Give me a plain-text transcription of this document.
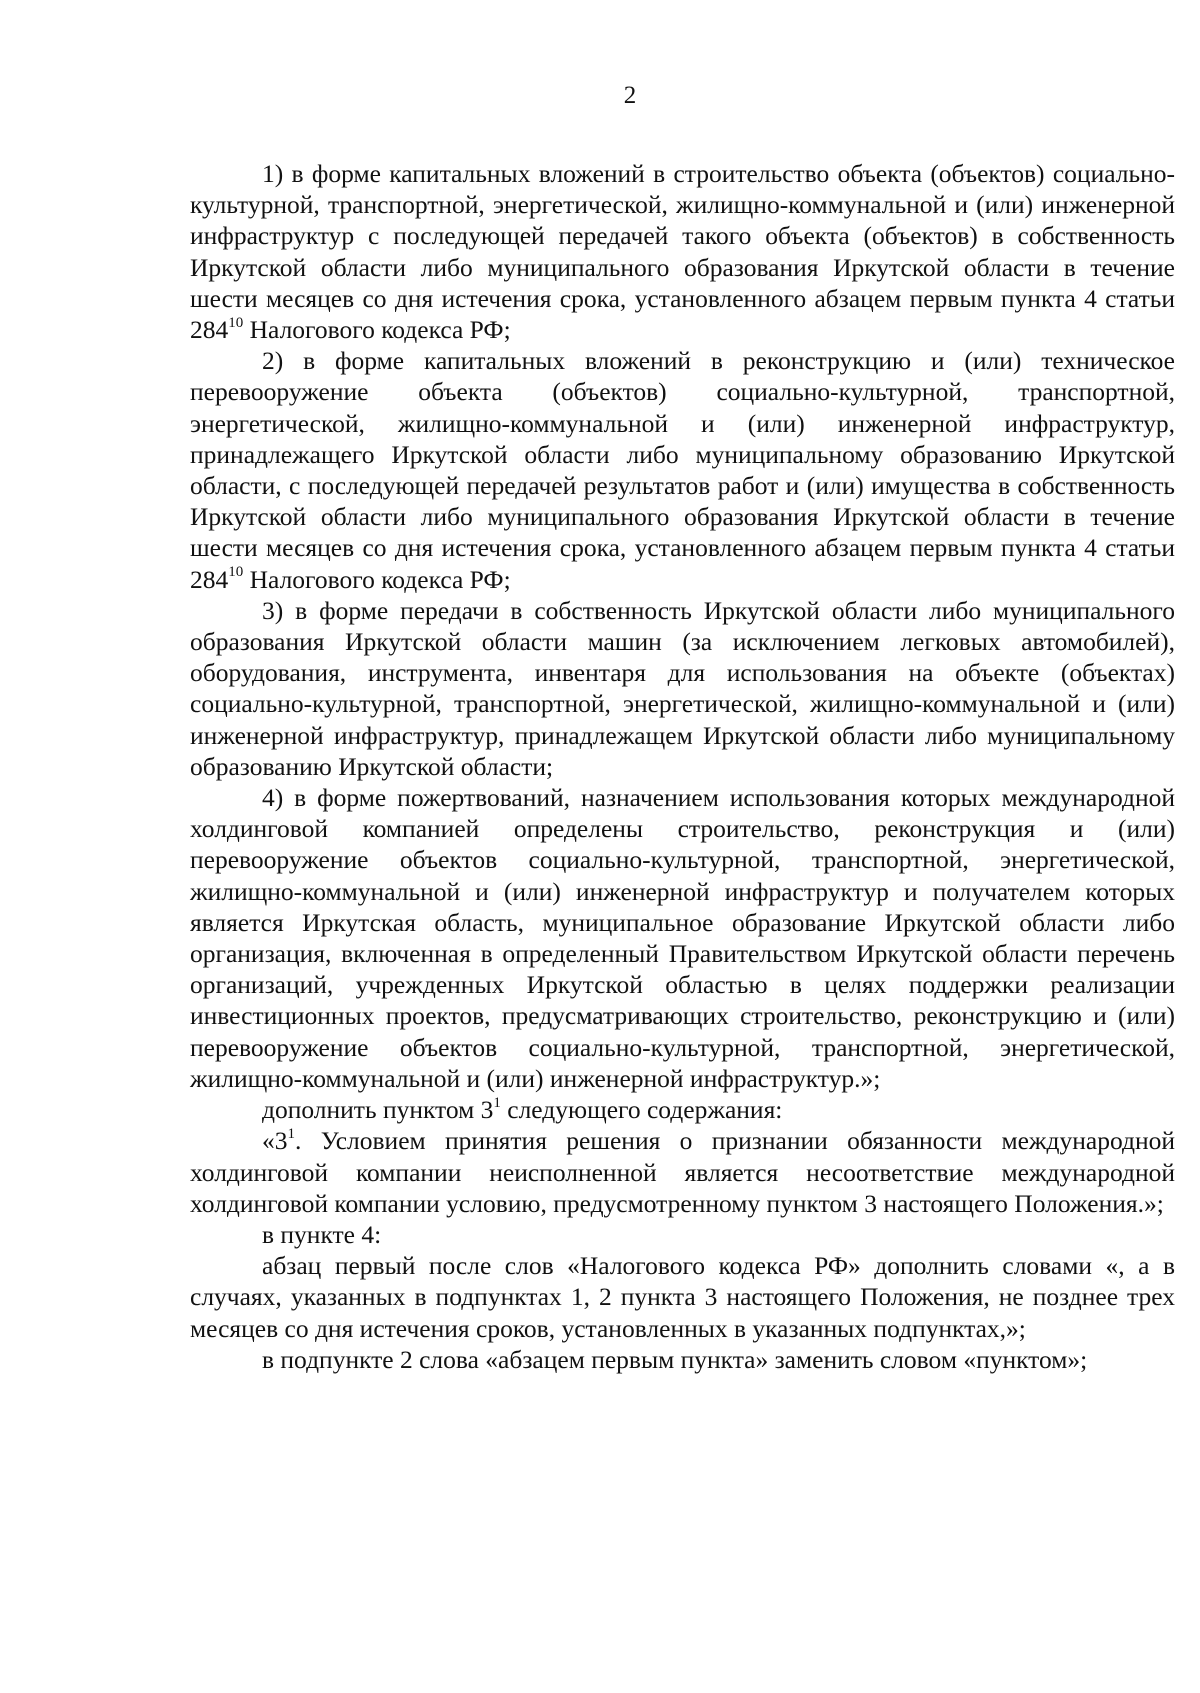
2

1) в форме капитальных вложений в строительство объекта (объектов) социально-культурной, транспортной, энергетической, жилищно-коммунальной и (или) инженерной инфраструктур с последующей передачей такого объекта (объектов) в собственность Иркутской области либо муниципального образования Иркутской области в течение шести месяцев со дня истечения срока, установленного абзацем первым пункта 4 статьи $284^{10}$ Налогового кодекса РФ;

2) в форме капитальных вложений в реконструкцию и (или) техническое перевооружение объекта (объектов) социально-культурной, транспортной, энергетической, жилищно-коммунальной и (или) инженерной инфраструктур, принадлежащего Иркутской области либо муниципальному образованию Иркутской области, с последующей передачей результатов работ и (или) имущества в собственность Иркутской области либо муниципального образования Иркутской области в течение шести месяцев со дня истечения срока, установленного абзацем первым пункта 4 статьи $284^{10}$ Налогового кодекса РФ;

3) в форме передачи в собственность Иркутской области либо муниципального образования Иркутской области машин (за исключением легковых автомобилей), оборудования, инструмента, инвентаря для использования на объекте (объектах) социально-культурной, транспортной, энергетической, жилищно-коммунальной и (или) инженерной инфраструктур, принадлежащем Иркутской области либо муниципальному образованию Иркутской области;

4) в форме пожертвований, назначением использования которых международной холдинговой компанией определены строительство, реконструкция и (или) перевооружение объектов социально-культурной, транспортной, энергетической, жилищно-коммунальной и (или) инженерной инфраструктур и получателем которых является Иркутская область, муниципальное образование Иркутской области либо организация, включенная в определенный Правительством Иркутской области перечень организаций, учрежденных Иркутской областью в целях поддержки реализации инвестиционных проектов, предусматривающих строительство, реконструкцию и (или) перевооружение объектов социально-культурной, транспортной, энергетической, жилищно-коммунальной и (или) инженерной инфраструктур.»;

дополнить пунктом $3^1$ следующего содержания:

«$3^1$. Условием принятия решения о признании обязанности международной холдинговой компании неисполненной является несоответствие международной холдинговой компании условию, предусмотренному пунктом 3 настоящего Положения.»;

в пункте 4:

абзац первый после слов «Налогового кодекса РФ» дополнить словами «, а в случаях, указанных в подпунктах 1, 2 пункта 3 настоящего Положения, не позднее трех месяцев со дня истечения сроков, установленных в указанных подпунктах,»;

в подпункте 2 слова «абзацем первым пункта» заменить словом «пунктом»;
